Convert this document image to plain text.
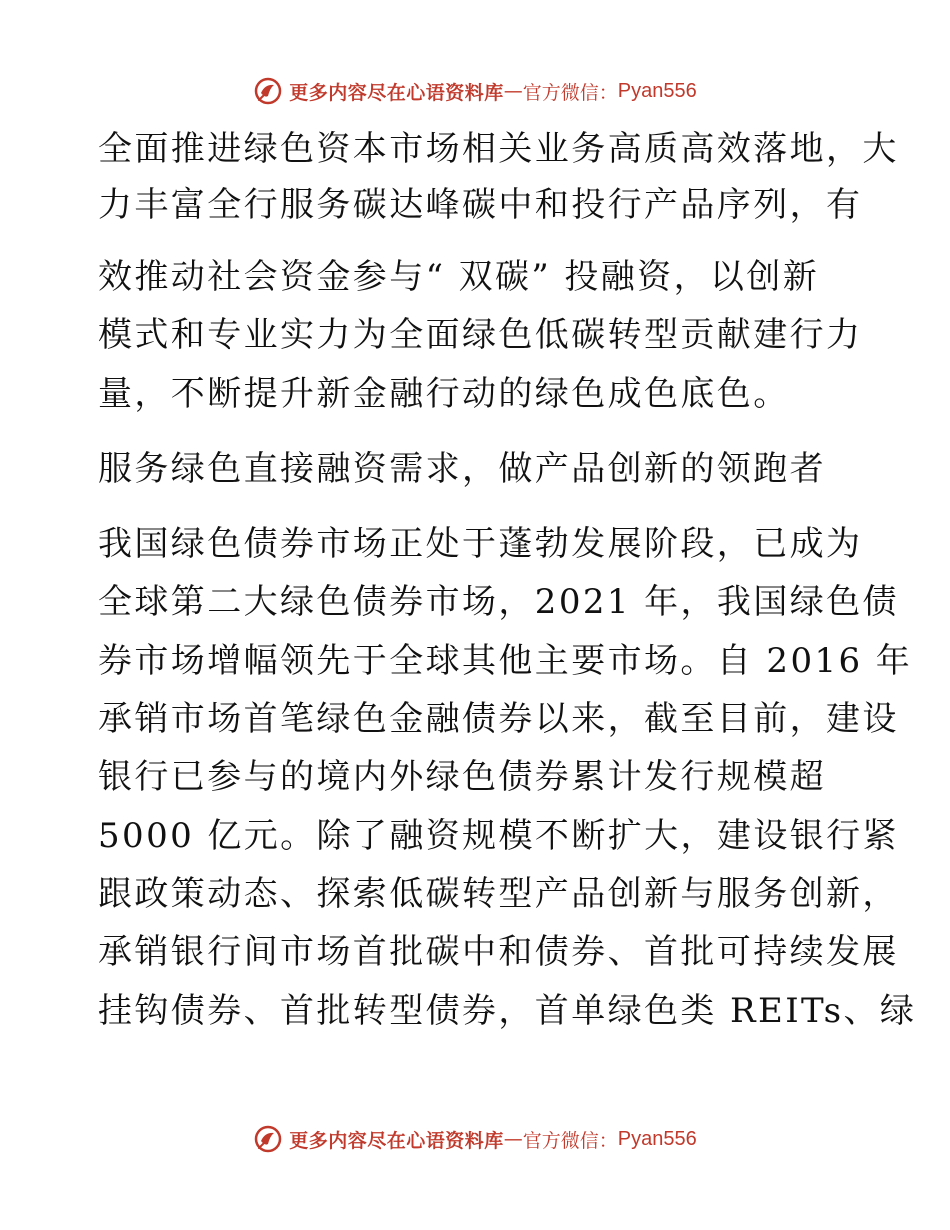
更多内容尽在心语资料库 — 官方微信： Pyan556
全面推进绿色资本市场相关业务高质高效落地，大
力丰富全行服务碳达峰碳中和投行产品序列，有
效推动社会资金参与“ 双碳” 投融资，以创新
模式和专业实力为全面绿色低碳转型贡献建行力
量，不断提升新金融行动的绿色成色底色。
服务绿色直接融资需求，做产品创新的领跑者
我国绿色债券市场正处于蓬勃发展阶段，已成为
全球第二大绿色债券市场，2021 年，我国绿色债
券市场增幅领先于全球其他主要市场。自 2016 年
承销市场首笔绿色金融债券以来，截至目前，建设
银行已参与的境内外绿色债券累计发行规模超
5000 亿元。除了融资规模不断扩大，建设银行紧
跟政策动态、探索低碳转型产品创新与服务创新，
承销银行间市场首批碳中和债券、首批可持续发展
挂钩债券、首批转型债券，首单绿色类 REITs、绿
更多内容尽在心语资料库 — 官方微信： Pyan556
